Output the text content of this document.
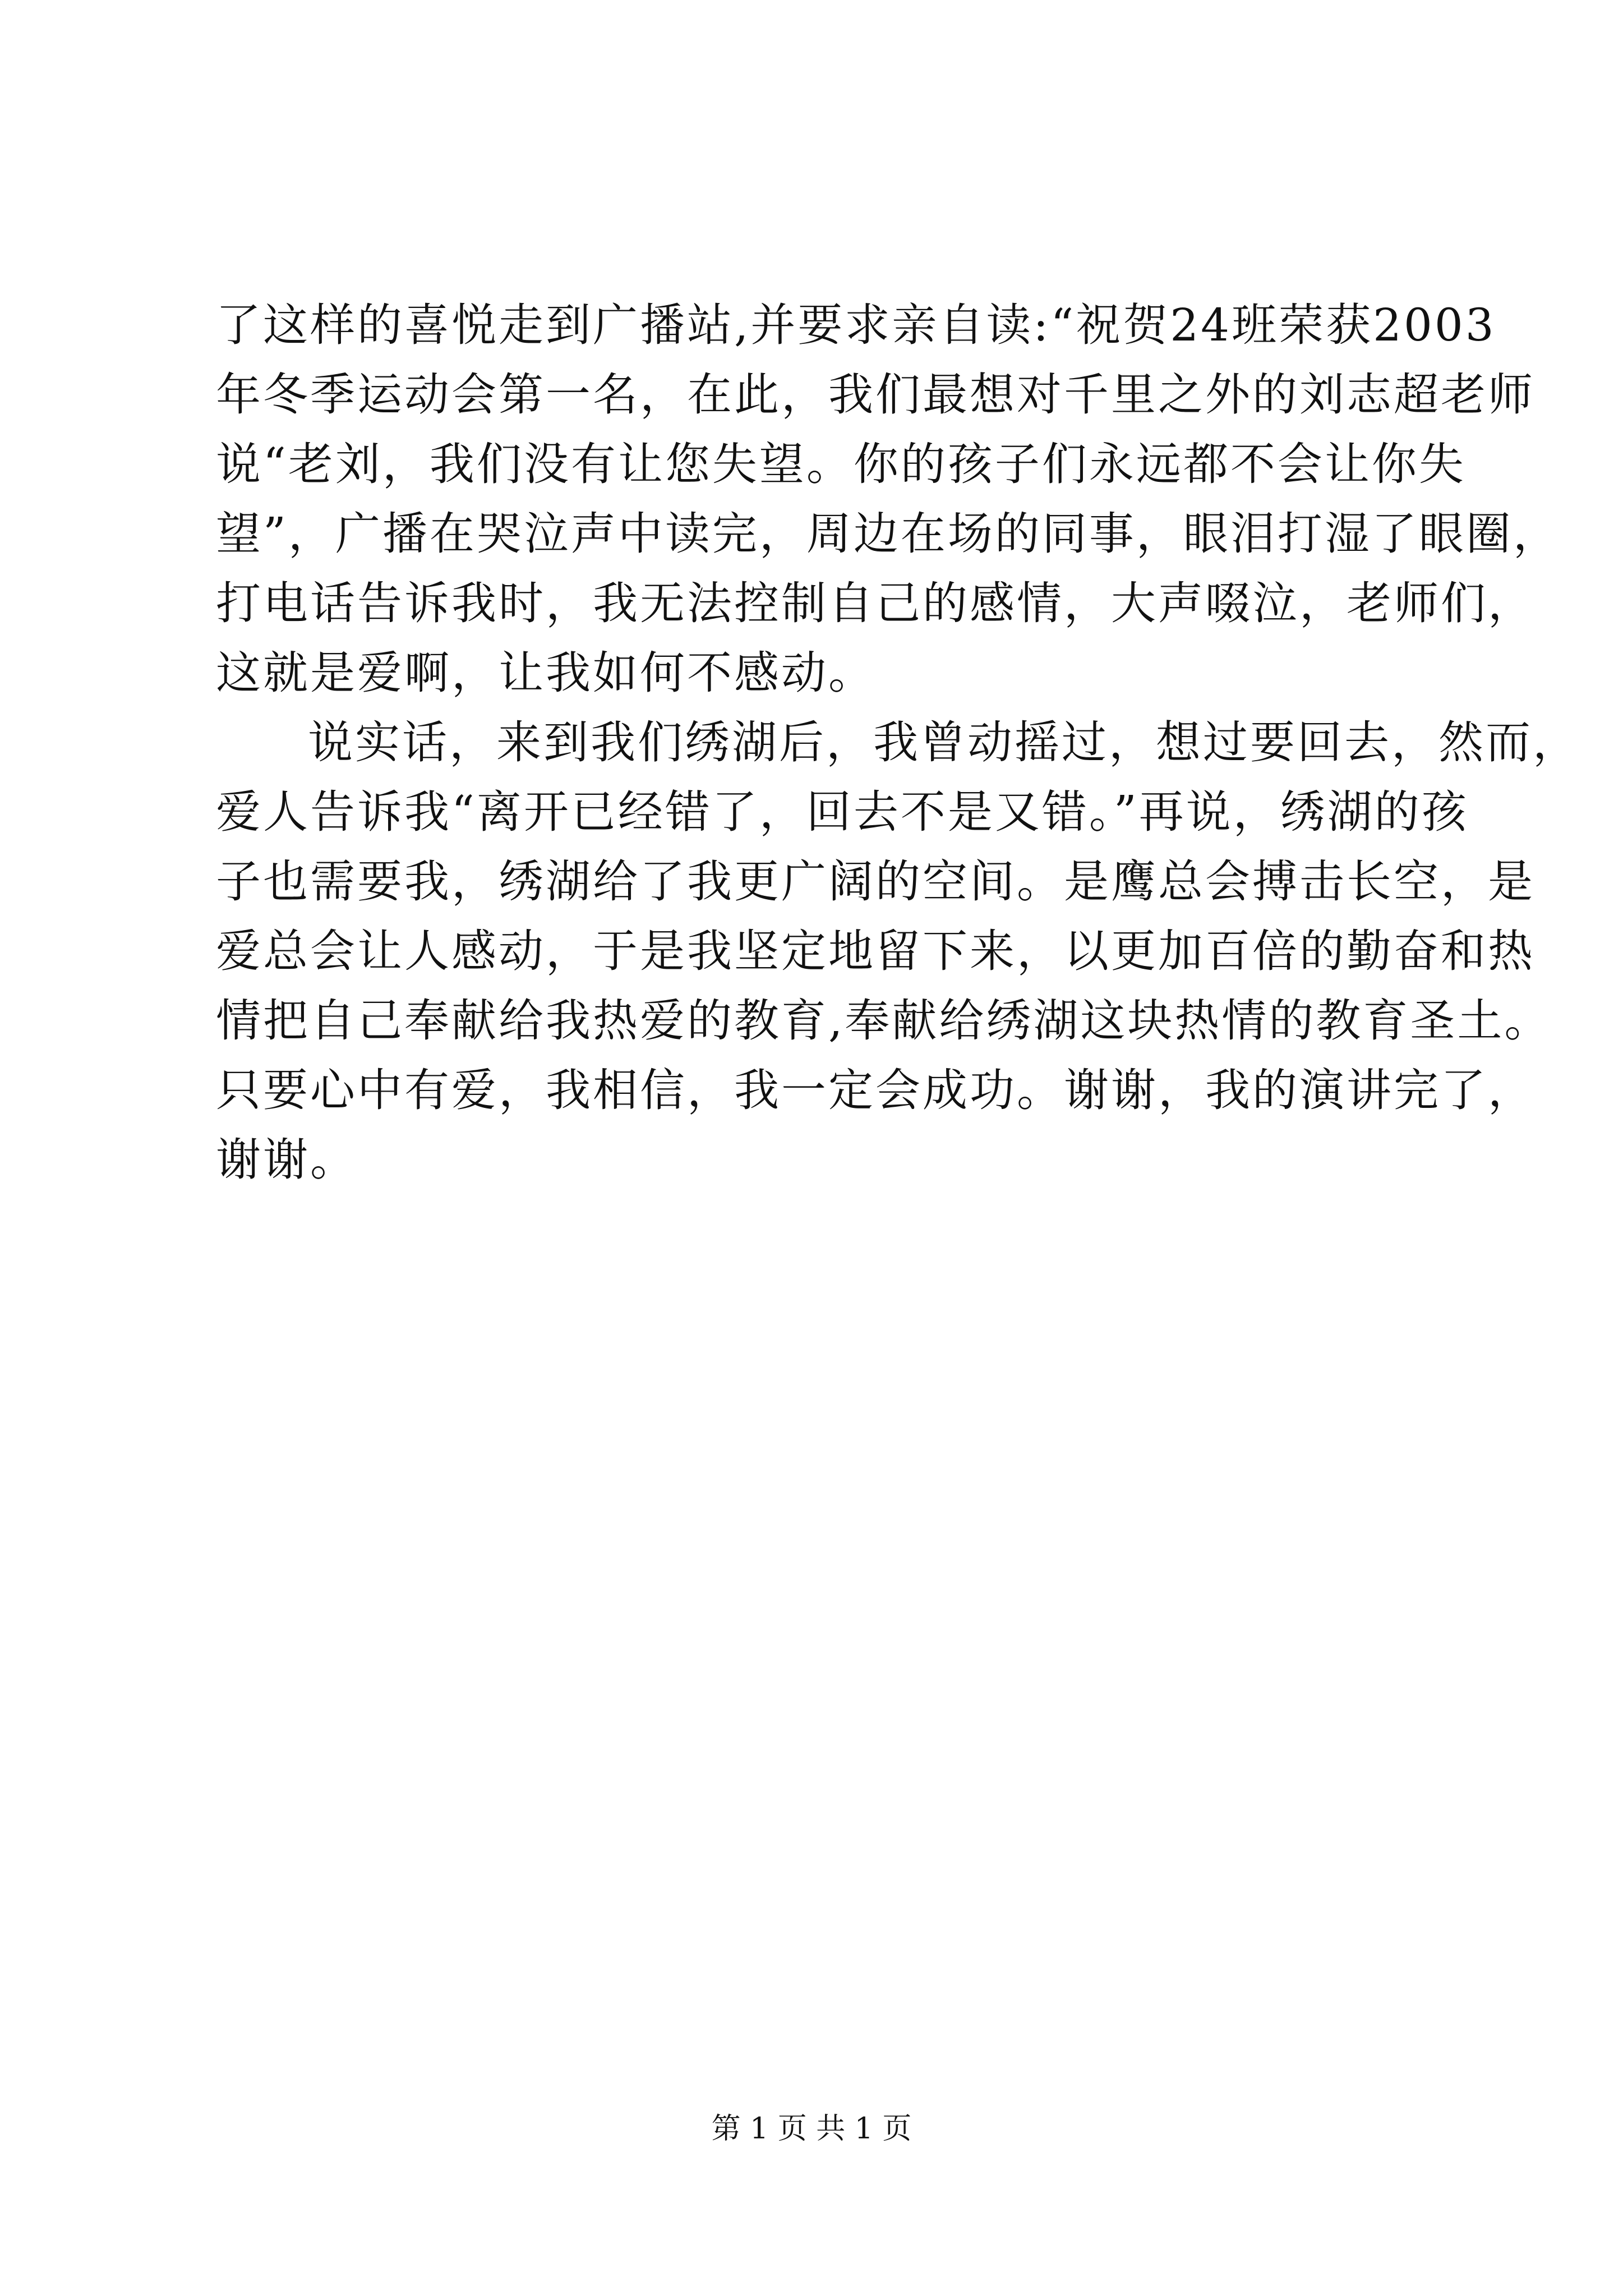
了这样的喜悦走到广播站,并要求亲自读:“祝贺24班荣获2003
年冬季运动会第一名，在此，我们最想对千里之外的刘志超老师
说“老刘，我们没有让您失望。你的孩子们永远都不会让你失
望”，广播在哭泣声中读完，周边在场的同事，眼泪打湿了眼圈，
打电话告诉我时，我无法控制自己的感情，大声啜泣，老师们，
这就是爱啊，让我如何不感动。
说实话，来到我们绣湖后，我曾动摇过，想过要回去，然而，
爱人告诉我“离开已经错了，回去不是又错。”再说，绣湖的孩
子也需要我，绣湖给了我更广阔的空间。是鹰总会搏击长空，是
爱总会让人感动，于是我坚定地留下来，以更加百倍的勤奋和热
情把自己奉献给我热爱的教育,奉献给绣湖这块热情的教育圣土。
只要心中有爱，我相信，我一定会成功。谢谢，我的演讲完了，
谢谢。
第 1 页 共 1 页
